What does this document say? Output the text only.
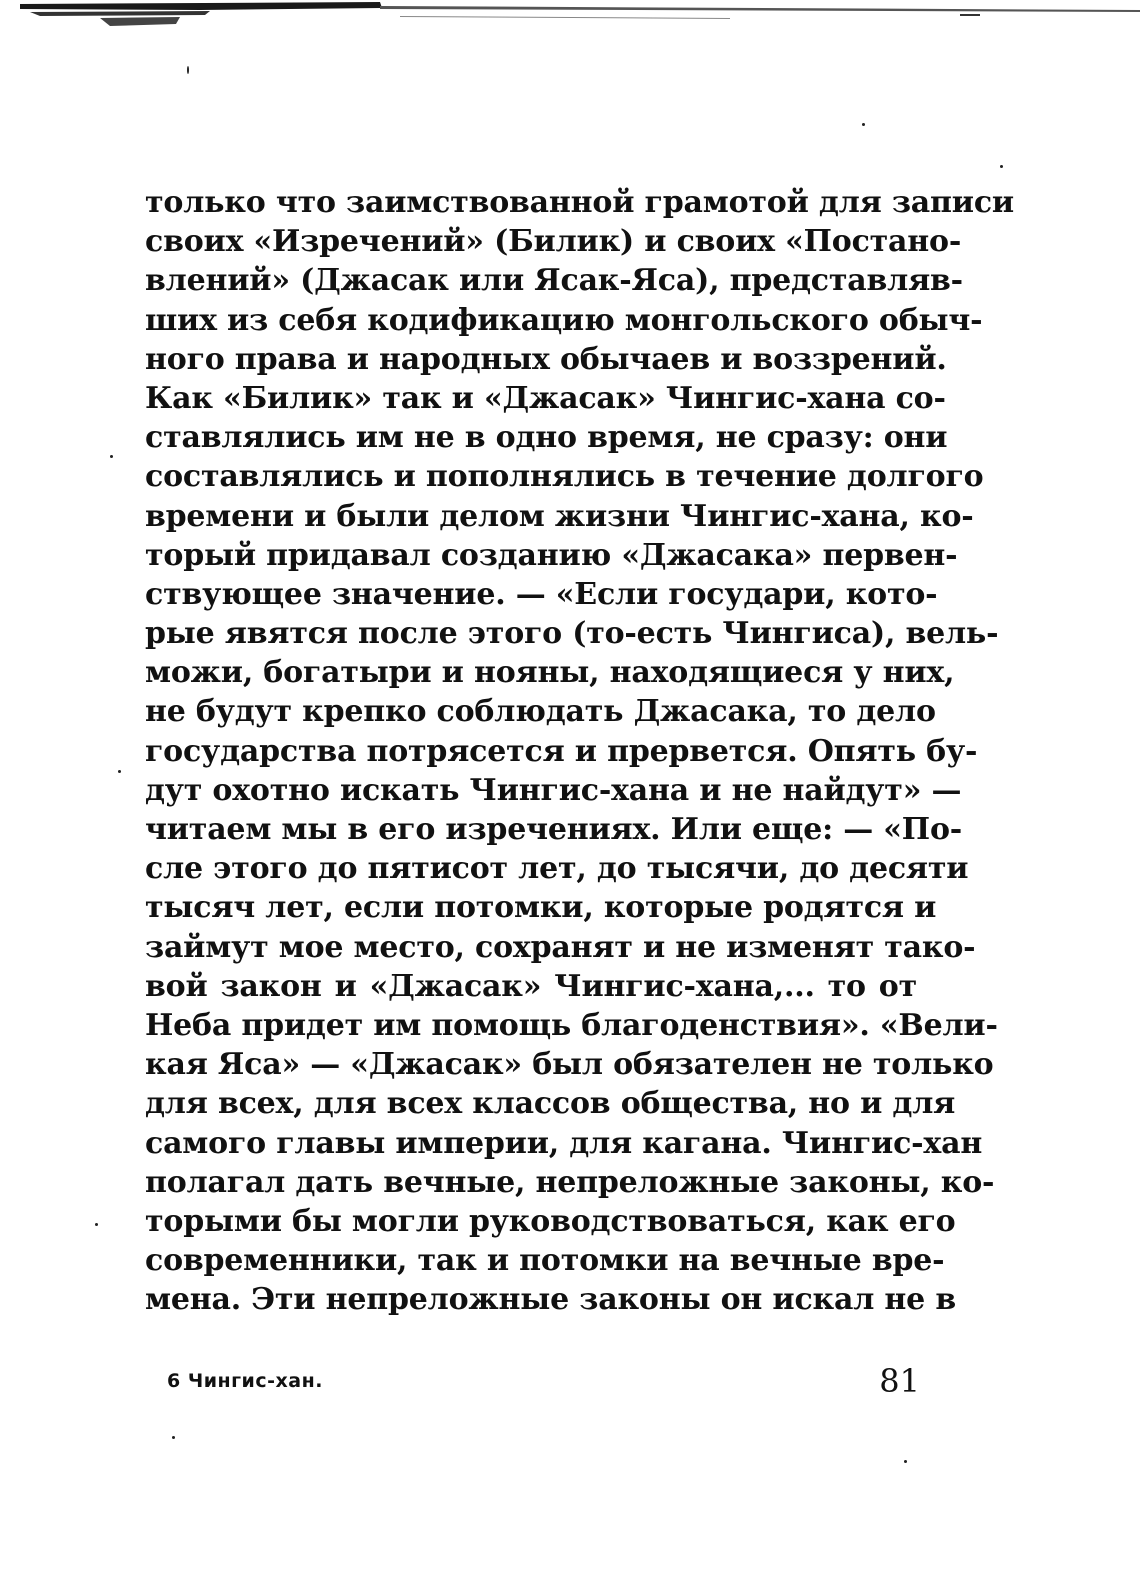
только что заимствованной грамотой для записи
своих «Изречений» (Билик) и своих «Постано-
влений» (Джасак или Ясак-Яса), представляв-
ших из себя кодификацию монгольского обыч-
ного права и народных обычаев и воззрений.
Как «Билик» так и «Джасак» Чингис-хана со-
ставлялись им не в одно время, не сразу: они
составлялись и пополнялись в течение долгого
времени и были делом жизни Чингис-хана, ко-
торый придавал созданию «Джасака» первен-
ствующее значение. — «Если государи, кото-
рые явятся после этого (то-есть Чингиса), вель-
можи, богатыри и нояны, находящиеся у них,
не будут крепко соблюдать Джасака, то дело
государства потрясется и прервется. Опять бу-
дут охотно искать Чингис-хана и не найдут» —
читаем мы в его изречениях. Или еще: — «По-
сле этого до пятисот лет, до тысячи, до десяти
тысяч лет, если потомки, которые родятся и
займут мое место, сохранят и не изменят тако-
вой закон и «Джасак» Чингис-хана,... то от
Неба придет им помощь благоденствия». «Вели-
кая Яса» — «Джасак» был обязателен не только
для всех, для всех классов общества, но и для
самого главы империи, для кагана. Чингис-хан
полагал дать вечные, непреложные законы, ко-
торыми бы могли руководствоваться, как его
современники, так и потомки на вечные вре-
мена. Эти непреложные законы он искал не в
6 Чингис-хан.	81
